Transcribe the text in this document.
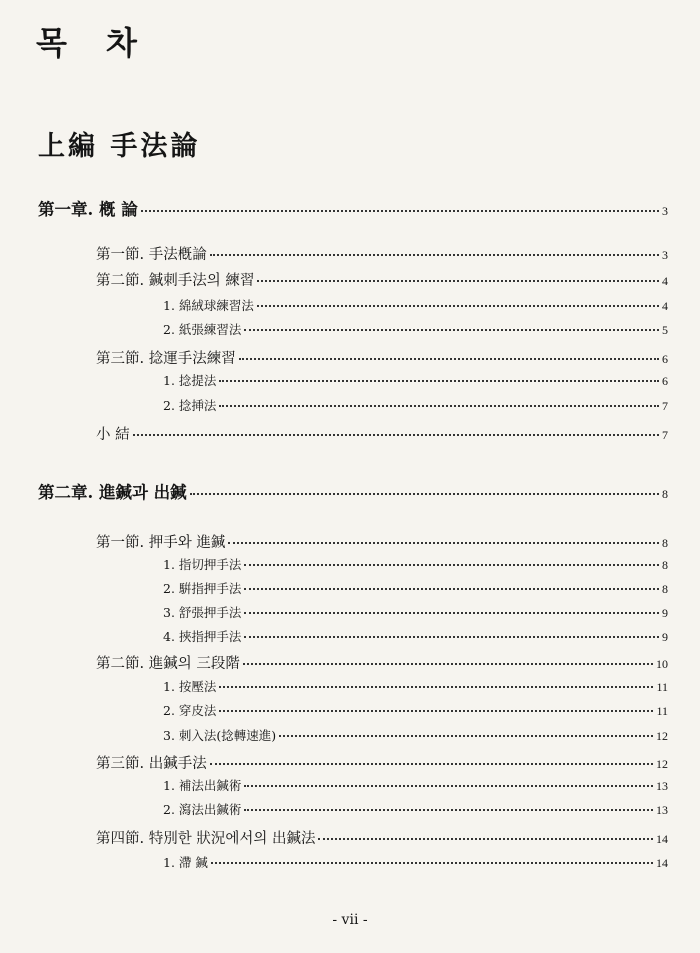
목 차
上編 手法論
第一章. 槪 論	3
第一節. 手法槪論	3
第二節. 鍼刺手法의 練習	4
1. 綿絨球練習法	4
2. 紙張練習法	5
第三節. 捻運手法練習	6
1. 捻提法	6
2. 捻挿法	7
小 結	7
第二章. 進鍼과 出鍼	8
第一節. 押手와 進鍼	8
1. 指切押手法	8
2. 騈指押手法	8
3. 舒張押手法	9
4. 挾指押手法	9
第二節. 進鍼의 三段階	10
1. 按壓法	11
2. 穿皮法	11
3. 刺入法(捻轉速進)	12
第三節. 出鍼手法	12
1. 補法出鍼術	13
2. 瀉法出鍼術	13
第四節. 特別한 狀況에서의 出鍼法	14
1. 滯 鍼	14
- vii -
